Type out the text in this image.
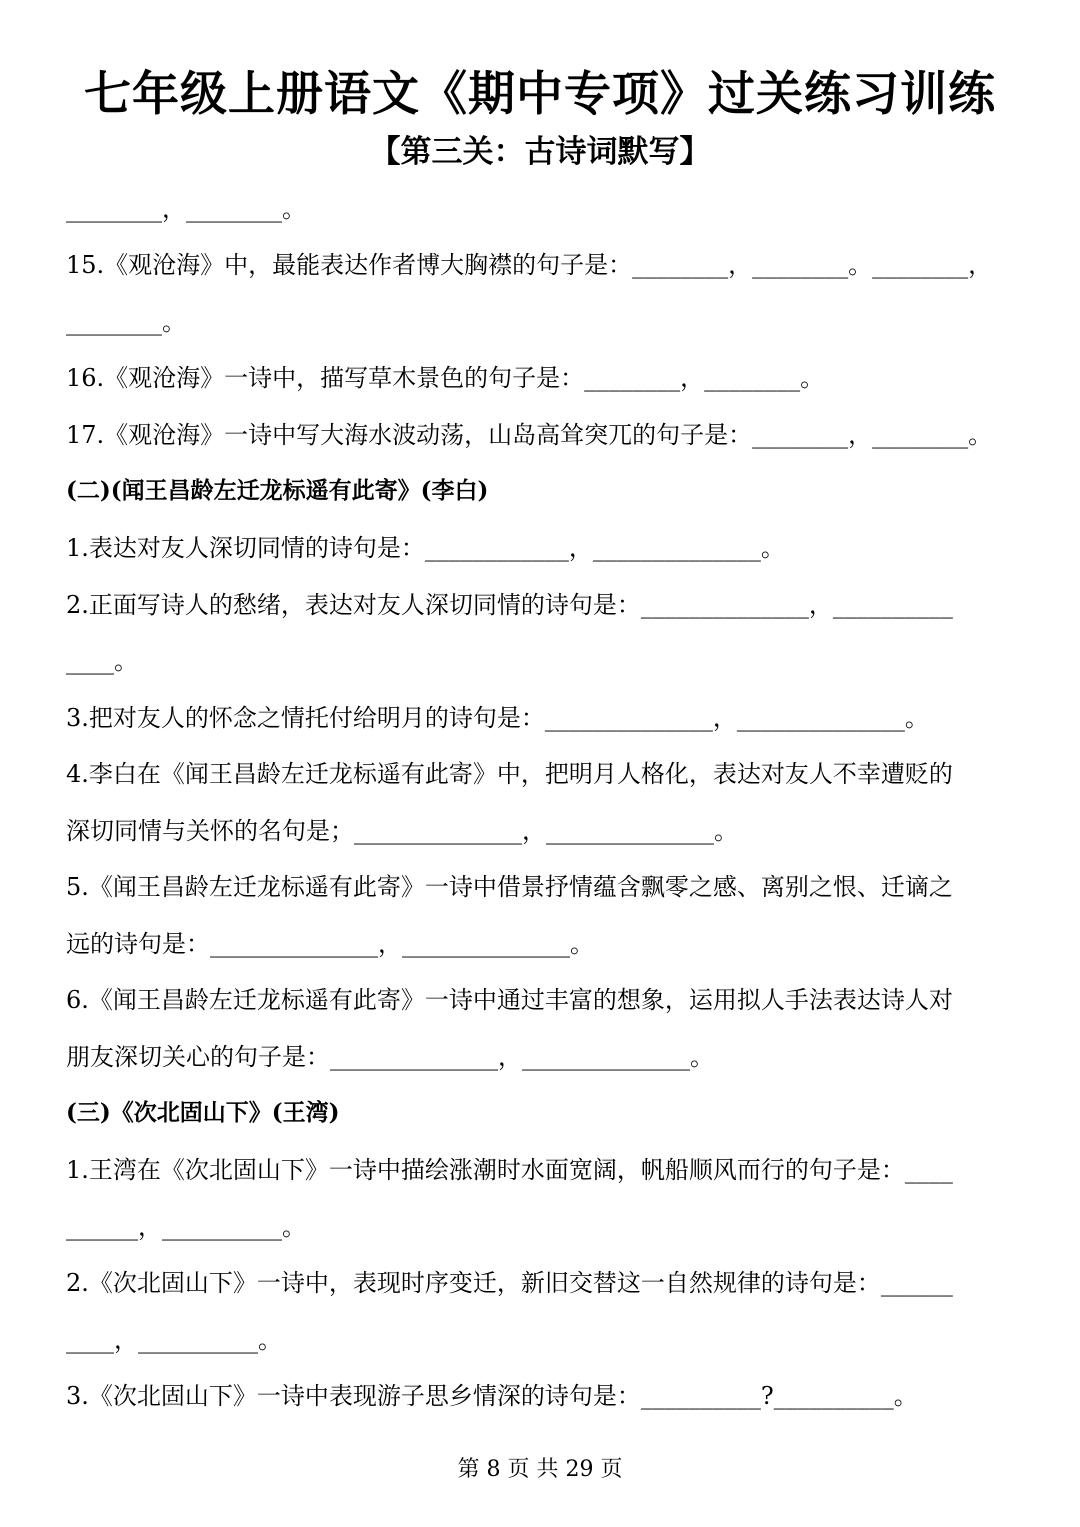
七年级上册语文《期中专项》过关练习训练
【第三关：古诗词默写】
________，________。
15.《观沧海》中，最能表达作者博大胸襟的句子是：________，________。________，
________。
16.《观沧海》一诗中，描写草木景色的句子是：________，________。
17.《观沧海》一诗中写大海水波动荡，山岛高耸突兀的句子是：________，________。
(二)(闻王昌龄左迁龙标遥有此寄》(李白)
1.表达对友人深切同情的诗句是：____________，______________。
2.正面写诗人的愁绪，表达对友人深切同情的诗句是：______________，__________
____。
3.把对友人的怀念之情托付给明月的诗句是：______________，______________。
4.李白在《闻王昌龄左迁龙标遥有此寄》中，把明月人格化，表达对友人不幸遭贬的
深切同情与关怀的名句是；______________，______________。
5.《闻王昌龄左迁龙标遥有此寄》一诗中借景抒情蕴含飘零之感、离别之恨、迁谪之
远的诗句是：______________，______________。
6.《闻王昌龄左迁龙标遥有此寄》一诗中通过丰富的想象，运用拟人手法表达诗人对
朋友深切关心的句子是：______________，______________。
(三)《次北固山下》(王湾)
1.王湾在《次北固山下》一诗中描绘涨潮时水面宽阔，帆船顺风而行的句子是：____
______，__________。
2.《次北固山下》一诗中，表现时序变迁，新旧交替这一自然规律的诗句是：______
____，__________。
3.《次北固山下》一诗中表现游子思乡情深的诗句是：__________?__________。
第 8 页 共 29 页
